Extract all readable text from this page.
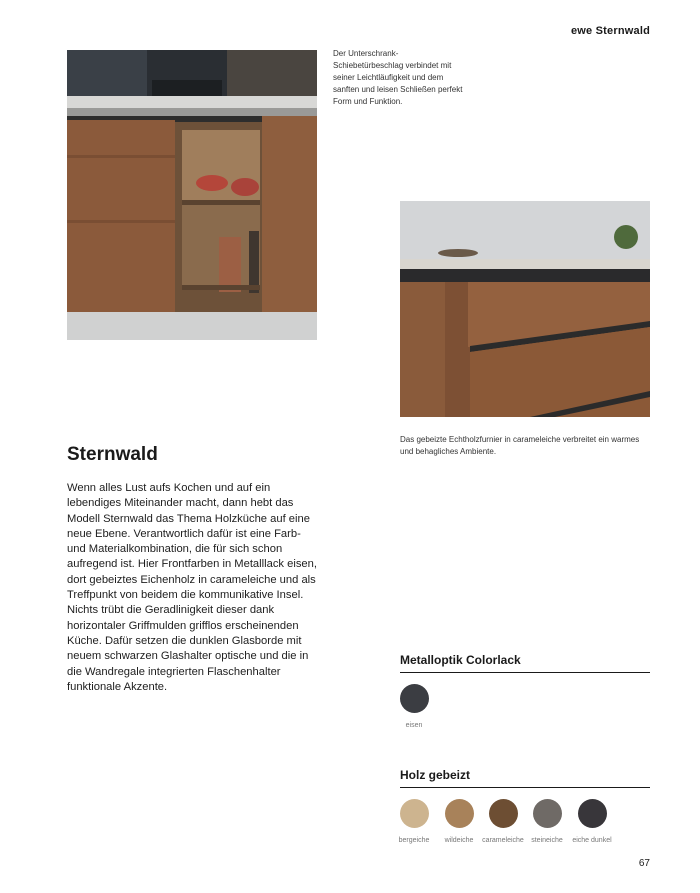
ewe Sternwald
Der Unterschrank-Schiebetürbeschlag verbindet mit seiner Leichtläufigkeit und dem sanften und leisen Schließen perfekt Form und Funktion.
Das gebeizte Echtholzfurnier in carameleiche verbreitet ein warmes und behagliches Ambiente.
Sternwald
Wenn alles Lust aufs Kochen und auf ein lebendiges Miteinander macht, dann hebt das Modell Sternwald das Thema Holzküche auf eine neue Ebene. Verantwortlich dafür ist eine Farb- und Materialkombination, die für sich schon aufregend ist. Hier Frontfarben in Metalllack eisen, dort gebeiztes Eichenholz in carameleiche und als Treffpunkt von beidem die kommunikative Insel. Nichts trübt die Geradlinigkeit dieser dank horizontaler Griffmulden grifflos erscheinenden Küche. Dafür setzen die dunklen Glasborde mit neuem schwarzen Glashalter optische und die in die Wandregale integrierten Flaschenhalter funktionale Akzente.
Metalloptik Colorlack
eisen
Holz gebeizt
bergeiche	wildeiche	carameleiche	steineiche	eiche dunkel
67
